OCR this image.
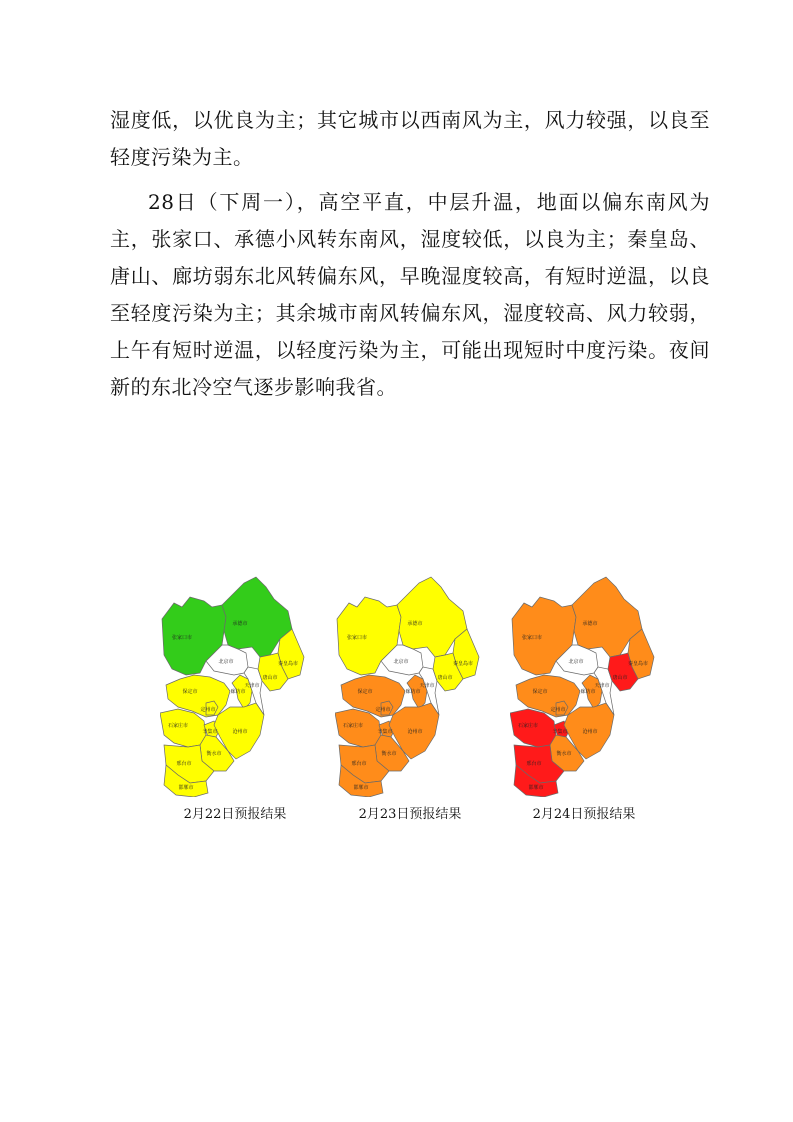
湿度低，以优良为主；其它城市以西南风为主，风力较强，以良至轻度污染为主。

28日（下周一），高空平直，中层升温，地面以偏东南风为主，张家口、承德小风转东南风，湿度较低，以良为主；秦皇岛、唐山、廊坊弱东北风转偏东风，早晚湿度较高，有短时逆温，以良至轻度污染为主；其余城市南风转偏东风，湿度较高、风力较弱，上午有短时逆温，以轻度污染为主，可能出现短时中度污染。夜间新的东北冷空气逐步影响我省。

张家口市
承德市
北京市
天津市
秦皇岛市
唐山市
廊坊市
保定市
定州市
石家庄市
辛集市	沧州市
衡水市
邢台市
邯郸市
张家口市
承德市
北京市
天津市
秦皇岛市
唐山市
廊坊市
保定市
定州市
石家庄市
辛集市	沧州市
衡水市
邢台市
邯郸市
张家口市
承德市
北京市
天津市
秦皇岛市
唐山市
廊坊市
保定市
定州市
石家庄市
辛集市	沧州市
衡水市
邢台市
邯郸市
2月22日预报结果	2月23日预报结果	2月24日预报结果
